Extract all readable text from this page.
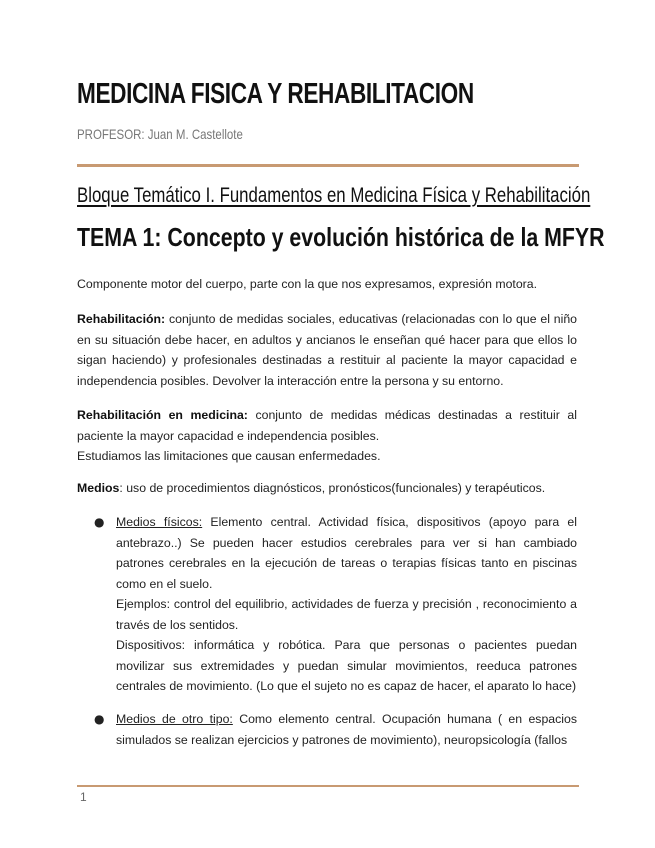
MEDICINA FISICA Y REHABILITACION
PROFESOR: Juan M. Castellote
Bloque Temático I. Fundamentos en Medicina Física y Rehabilitación
TEMA 1: Concepto y evolución histórica de la MFYR

Componente motor del cuerpo, parte con la que nos expresamos, expresión motora.

Rehabilitación: conjunto de medidas sociales, educativas (relacionadas con lo que el niño en su situación debe hacer, en adultos y ancianos le enseñan qué hacer para que ellos lo sigan haciendo) y profesionales destinadas a restituir al paciente la mayor capacidad e independencia posibles. Devolver la interacción entre la persona y su entorno.

Rehabilitación en medicina: conjunto de medidas médicas destinadas a restituir al paciente la mayor capacidad e independencia posibles.
Estudiamos las limitaciones que causan enfermedades.

Medios: uso de procedimientos diagnósticos, pronósticos(funcionales) y terapéuticos.

● Medios físicos: Elemento central. Actividad física, dispositivos (apoyo para el antebrazo..) Se pueden hacer estudios cerebrales para ver si han cambiado patrones cerebrales en la ejecución de tareas o terapias físicas tanto en piscinas como en el suelo.

Ejemplos: control del equilibrio, actividades de fuerza y precisión , reconocimiento a través de los sentidos.

Dispositivos: informática y robótica. Para que personas o pacientes puedan movilizar sus extremidades y puedan simular movimientos, reeduca patrones centrales de movimiento. (Lo que el sujeto no es capaz de hacer, el aparato lo hace)

● Medios de otro tipo: Como elemento central. Ocupación humana ( en espacios simulados se realizan ejercicios y patrones de movimiento), neuropsicología (fallos

1
